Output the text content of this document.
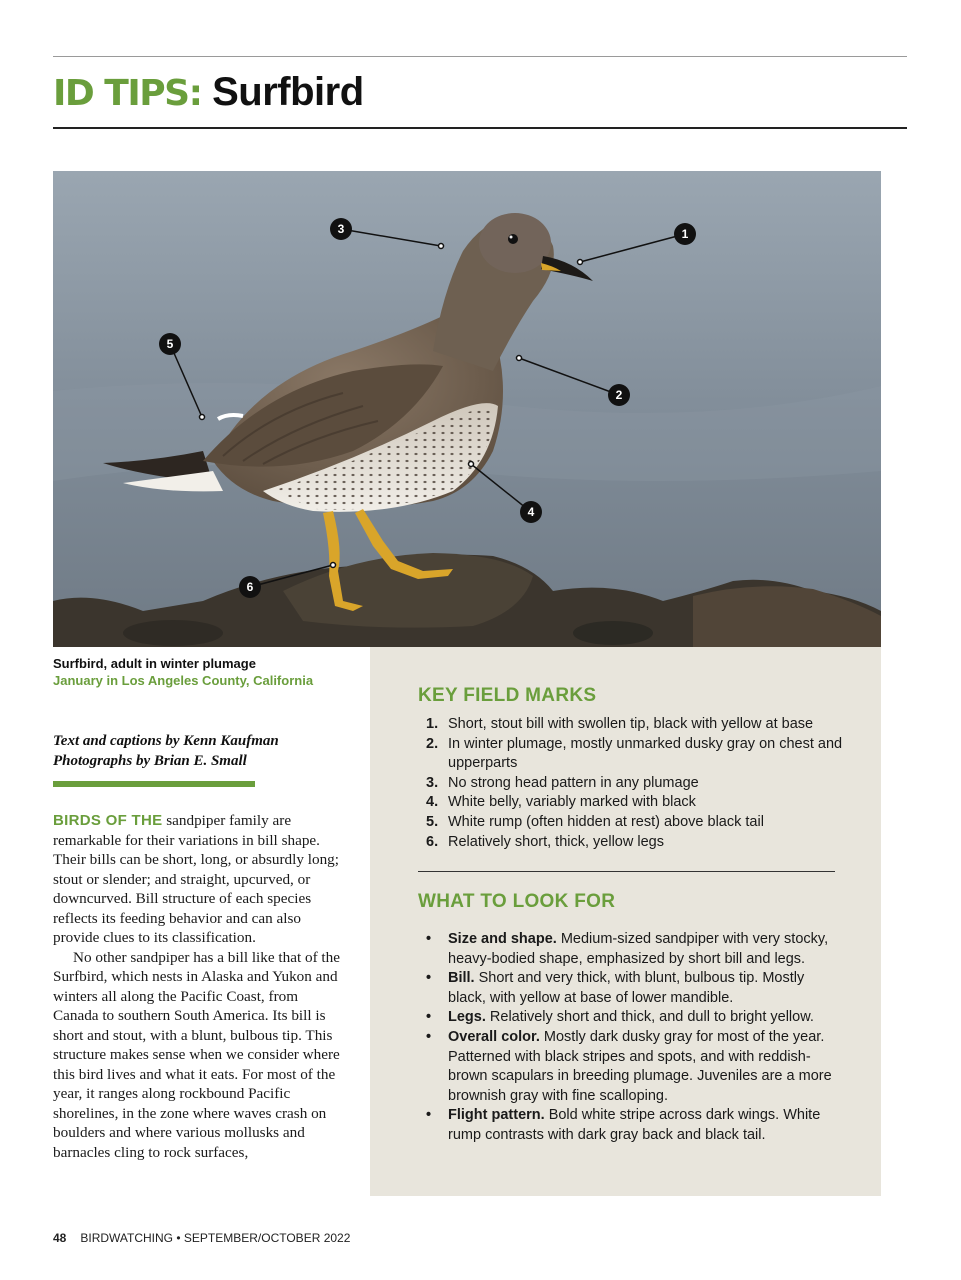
ID TIPS: Surfbird
1
2
3
4
5
6
Surfbird, adult in winter plumage
January in Los Angeles County, California
Text and captions by Kenn Kaufman
Photographs by Brian E. Small

BIRDS OF THE sandpiper family are remarkable for their variations in bill shape. Their bills can be short, long, or absurdly long; stout or slender; and straight, upcurved, or downcurved. Bill structure of each species reflects its feeding behavior and can also provide clues to its classification.

No other sandpiper has a bill like that of the Surfbird, which nests in Alaska and Yukon and winters all along the Pacific Coast, from Canada to southern South America. Its bill is short and stout, with a blunt, bulbous tip. This structure makes sense when we consider where this bird lives and what it eats. For most of the year, it ranges along rockbound Pacific shorelines, in the zone where waves crash on boulders and where various mollusks and barnacles cling to rock surfaces,

KEY FIELD MARKS
1. Short, stout bill with swollen tip, black with yellow at base
2. In winter plumage, mostly unmarked dusky gray on chest and upperparts
3. No strong head pattern in any plumage
4. White belly, variably marked with black
5. White rump (often hidden at rest) above black tail
6. Relatively short, thick, yellow legs
WHAT TO LOOK FOR
• Size and shape. Medium-sized sandpiper with very stocky, heavy-bodied shape, emphasized by short bill and legs.
• Bill. Short and very thick, with blunt, bulbous tip. Mostly black, with yellow at base of lower mandible.
• Legs. Relatively short and thick, and dull to bright yellow.
• Overall color. Mostly dark dusky gray for most of the year. Patterned with black stripes and spots, and with reddish-brown scapulars in breeding plumage. Juveniles are a more brownish gray with fine scalloping.
• Flight pattern. Bold white stripe across dark wings. White rump contrasts with dark gray back and black tail.
48 BIRDWATCHING • SEPTEMBER/OCTOBER 2022
